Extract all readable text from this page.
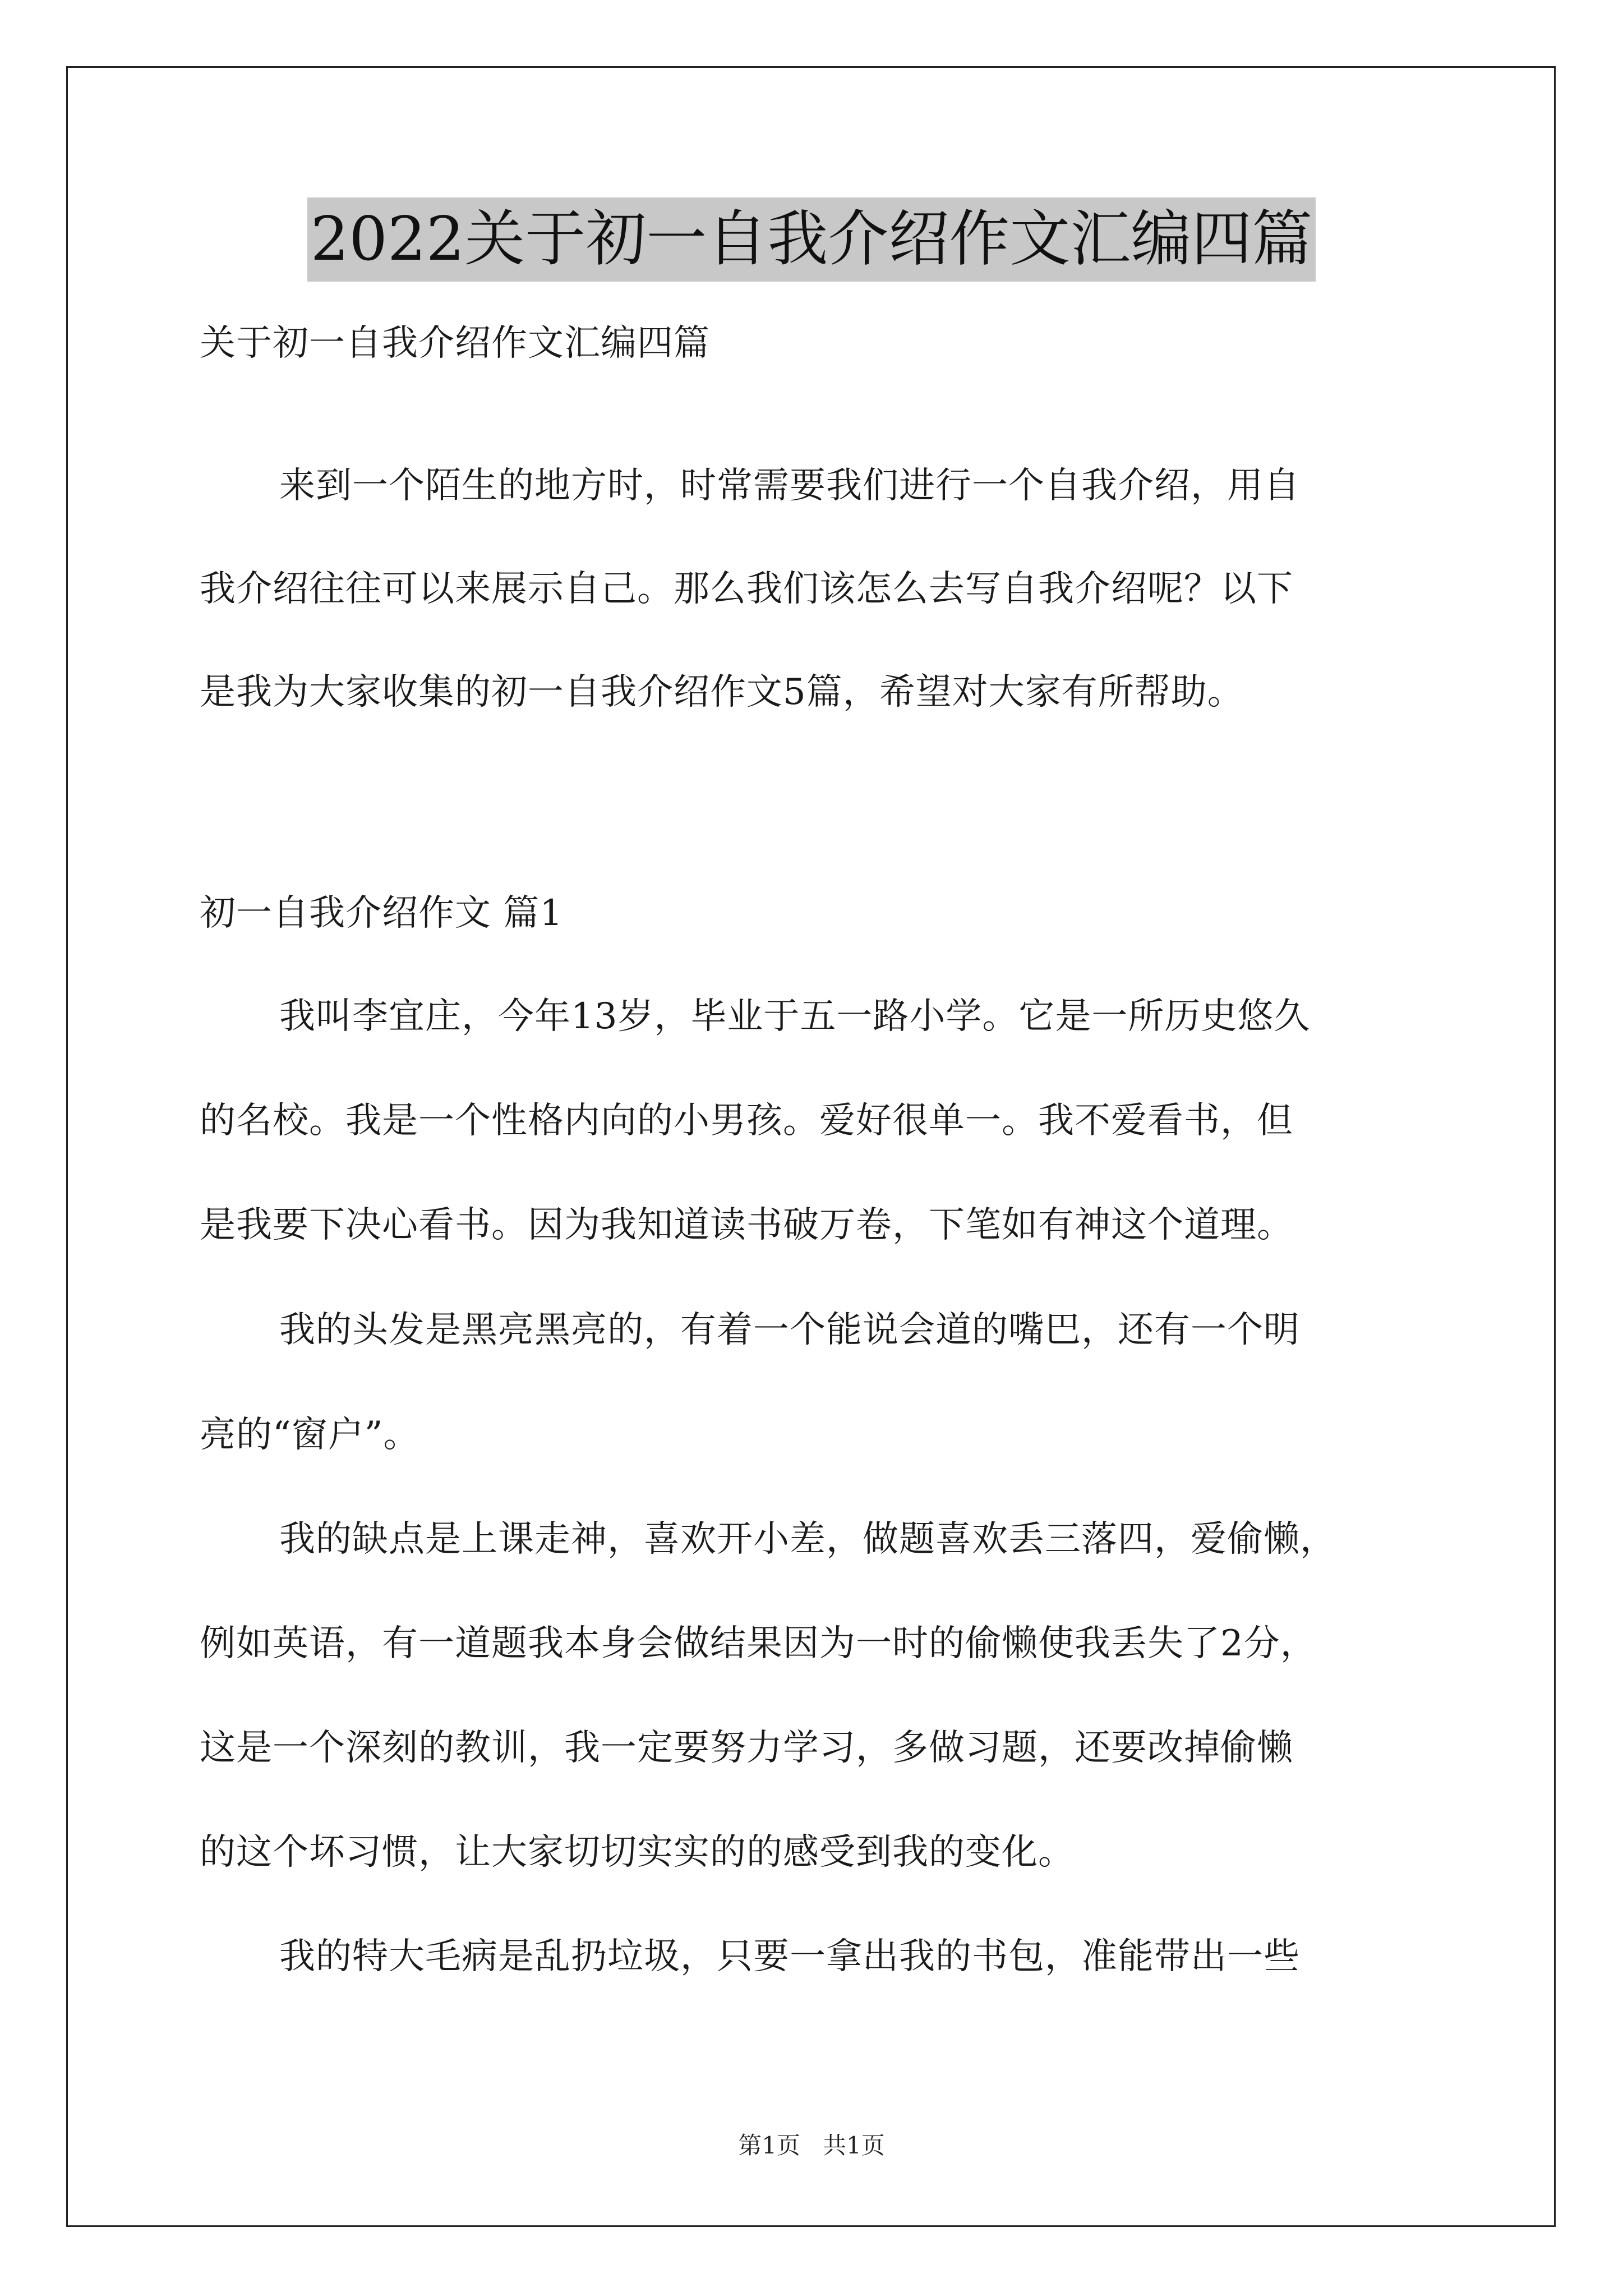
2022关于初一自我介绍作文汇编四篇
关于初一自我介绍作文汇编四篇
来到一个陌生的地方时，时常需要我们进行一个自我介绍，用自
我介绍往往可以来展示自己。那么我们该怎么去写自我介绍呢？以下
是我为大家收集的初一自我介绍作文5篇，希望对大家有所帮助。
初一自我介绍作文 篇1
我叫李宜庄，今年13岁，毕业于五一路小学。它是一所历史悠久
的名校。我是一个性格内向的小男孩。爱好很单一。我不爱看书，但
是我要下决心看书。因为我知道读书破万卷，下笔如有神这个道理。
我的头发是黑亮黑亮的，有着一个能说会道的嘴巴，还有一个明
亮的“窗户”。
我的缺点是上课走神，喜欢开小差，做题喜欢丢三落四，爱偷懒，
例如英语，有一道题我本身会做结果因为一时的偷懒使我丢失了2分，
这是一个深刻的教训，我一定要努力学习，多做习题，还要改掉偷懒
的这个坏习惯，让大家切切实实的的感受到我的变化。
我的特大毛病是乱扔垃圾，只要一拿出我的书包，准能带出一些
第1页   共1页
